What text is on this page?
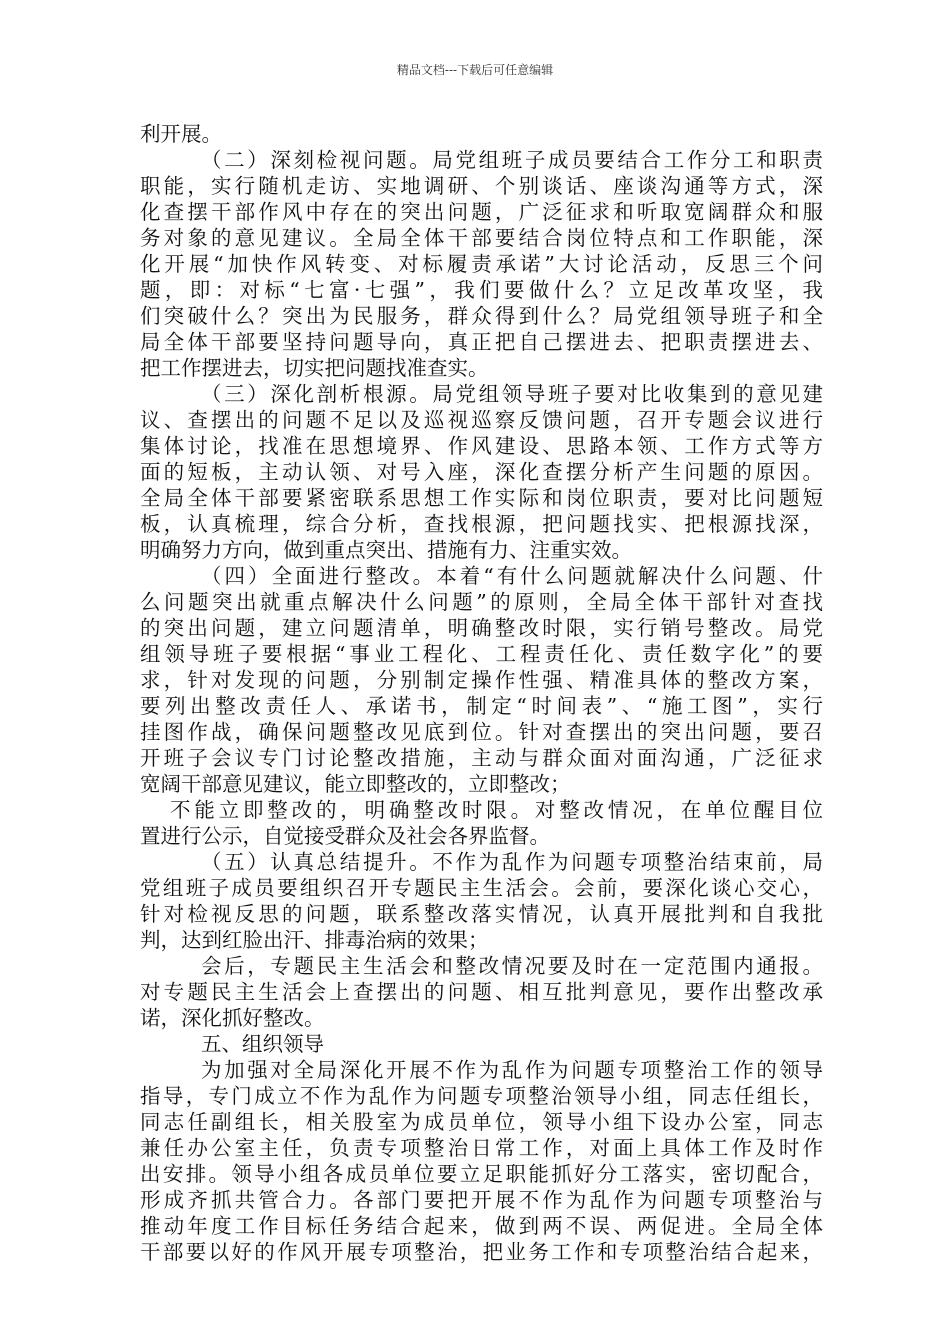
精品文档---下载后可任意编辑
利开展。
（二）深刻检视问题。局党组班子成员要结合工作分工和职责
职能，实行随机走访、实地调研、个别谈话、座谈沟通等方式，深
化查摆干部作风中存在的突出问题，广泛征求和听取宽阔群众和服
务对象的意见建议。全局全体干部要结合岗位特点和工作职能，深
化开展“加快作风转变、对标履责承诺”大讨论活动，反思三个问
题，即：对标“七富·七强”，我们要做什么？立足改革攻坚，我
们突破什么？突出为民服务，群众得到什么？局党组领导班子和全
局全体干部要坚持问题导向，真正把自己摆进去、把职责摆进去、
把工作摆进去，切实把问题找准查实。
（三）深化剖析根源。局党组领导班子要对比收集到的意见建
议、查摆出的问题不足以及巡视巡察反馈问题，召开专题会议进行
集体讨论，找准在思想境界、作风建设、思路本领、工作方式等方
面的短板，主动认领、对号入座，深化查摆分析产生问题的原因。
全局全体干部要紧密联系思想工作实际和岗位职责，要对比问题短
板，认真梳理，综合分析，查找根源，把问题找实、把根源找深，
明确努力方向，做到重点突出、措施有力、注重实效。
（四）全面进行整改。本着“有什么问题就解决什么问题、什
么问题突出就重点解决什么问题”的原则，全局全体干部针对查找
的突出问题，建立问题清单，明确整改时限，实行销号整改。局党
组领导班子要根据“事业工程化、工程责任化、责任数字化”的要
求，针对发现的问题，分别制定操作性强、精准具体的整改方案，
要列出整改责任人、承诺书，制定“时间表”、“施工图”，实行
挂图作战，确保问题整改见底到位。针对查摆出的突出问题，要召
开班子会议专门讨论整改措施，主动与群众面对面沟通，广泛征求
宽阔干部意见建议，能立即整改的，立即整改；
不能立即整改的，明确整改时限。对整改情况，在单位醒目位
置进行公示，自觉接受群众及社会各界监督。
（五）认真总结提升。不作为乱作为问题专项整治结束前，局
党组班子成员要组织召开专题民主生活会。会前，要深化谈心交心，
针对检视反思的问题，联系整改落实情况，认真开展批判和自我批
判，达到红脸出汗、排毒治病的效果；
会后，专题民主生活会和整改情况要及时在一定范围内通报。
对专题民主生活会上查摆出的问题、相互批判意见，要作出整改承
诺，深化抓好整改。
五、组织领导
为加强对全局深化开展不作为乱作为问题专项整治工作的领导
指导，专门成立不作为乱作为问题专项整治领导小组，同志任组长，
同志任副组长，相关股室为成员单位，领导小组下设办公室，同志
兼任办公室主任，负责专项整治日常工作，对面上具体工作及时作
出安排。领导小组各成员单位要立足职能抓好分工落实，密切配合，
形成齐抓共管合力。各部门要把开展不作为乱作为问题专项整治与
推动年度工作目标任务结合起来，做到两不误、两促进。全局全体
干部要以好的作风开展专项整治，把业务工作和专项整治结合起来，
